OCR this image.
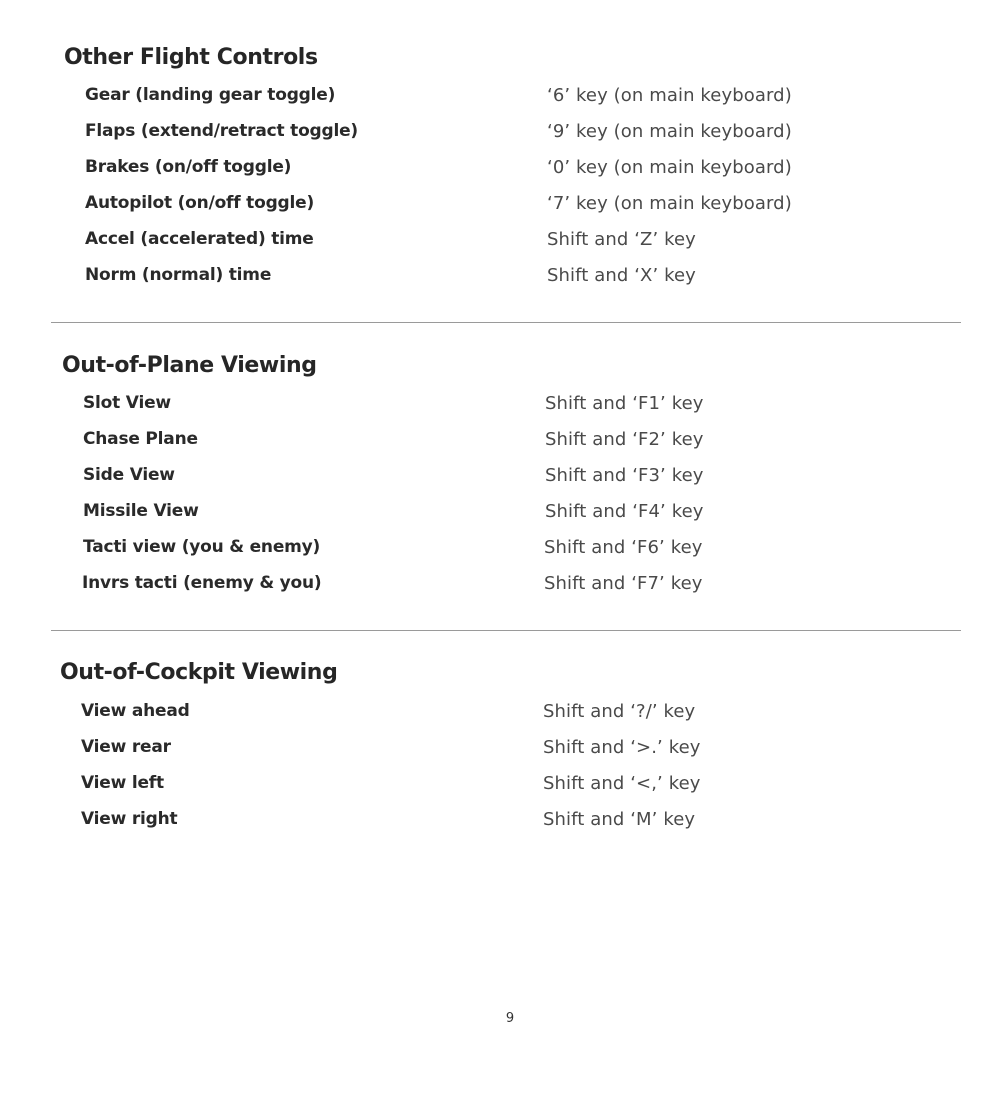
Other Flight Controls
Gear (landing gear toggle)	‘6’ key (on main keyboard)
Flaps (extend/retract toggle)	‘9’ key (on main keyboard)
Brakes (on/off toggle)	‘0’ key (on main keyboard)
Autopilot (on/off toggle)	‘7’ key (on main keyboard)
Accel (accelerated) time	Shift and ‘Z’ key
Norm (normal) time	Shift and ‘X’ key
Out-of-Plane Viewing
Slot View	Shift and ‘F1’ key
Chase Plane	Shift and ‘F2’ key
Side View	Shift and ‘F3’ key
Missile View	Shift and ‘F4’ key
Tacti view (you & enemy)	Shift and ‘F6’ key
Invrs tacti (enemy & you)	Shift and ‘F7’ key
Out-of-Cockpit Viewing
View ahead	Shift and ‘?/’ key
View rear	Shift and ‘>.’ key
View left	Shift and ‘<,’ key
View right	Shift and ‘M’ key
9
